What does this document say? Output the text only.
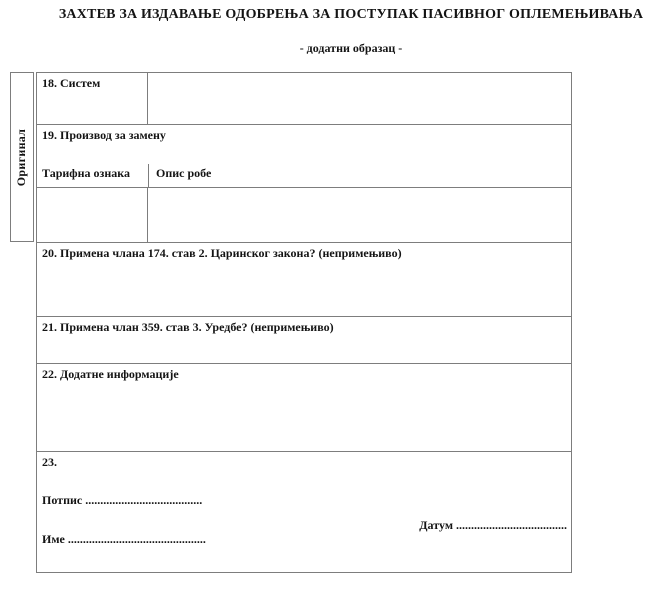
ЗАХТЕВ ЗА ИЗДАВАЊЕ ОДОБРЕЊА ЗА ПОСТУПАК ПАСИВНОГ ОПЛЕМЕЊИВАЊА
- додатни образац -
Оригинал
18. Систем
19. Производ за замену
Тарифна ознака	Опис робе
20. Примена члана 174. став 2. Царинског закона? (непримењиво)
21. Примена члан 359. став 3. Уредбе? (непримењиво)
22. Додатне информације
23.
Потпис .......................................
Датум .....................................
Име ..............................................
